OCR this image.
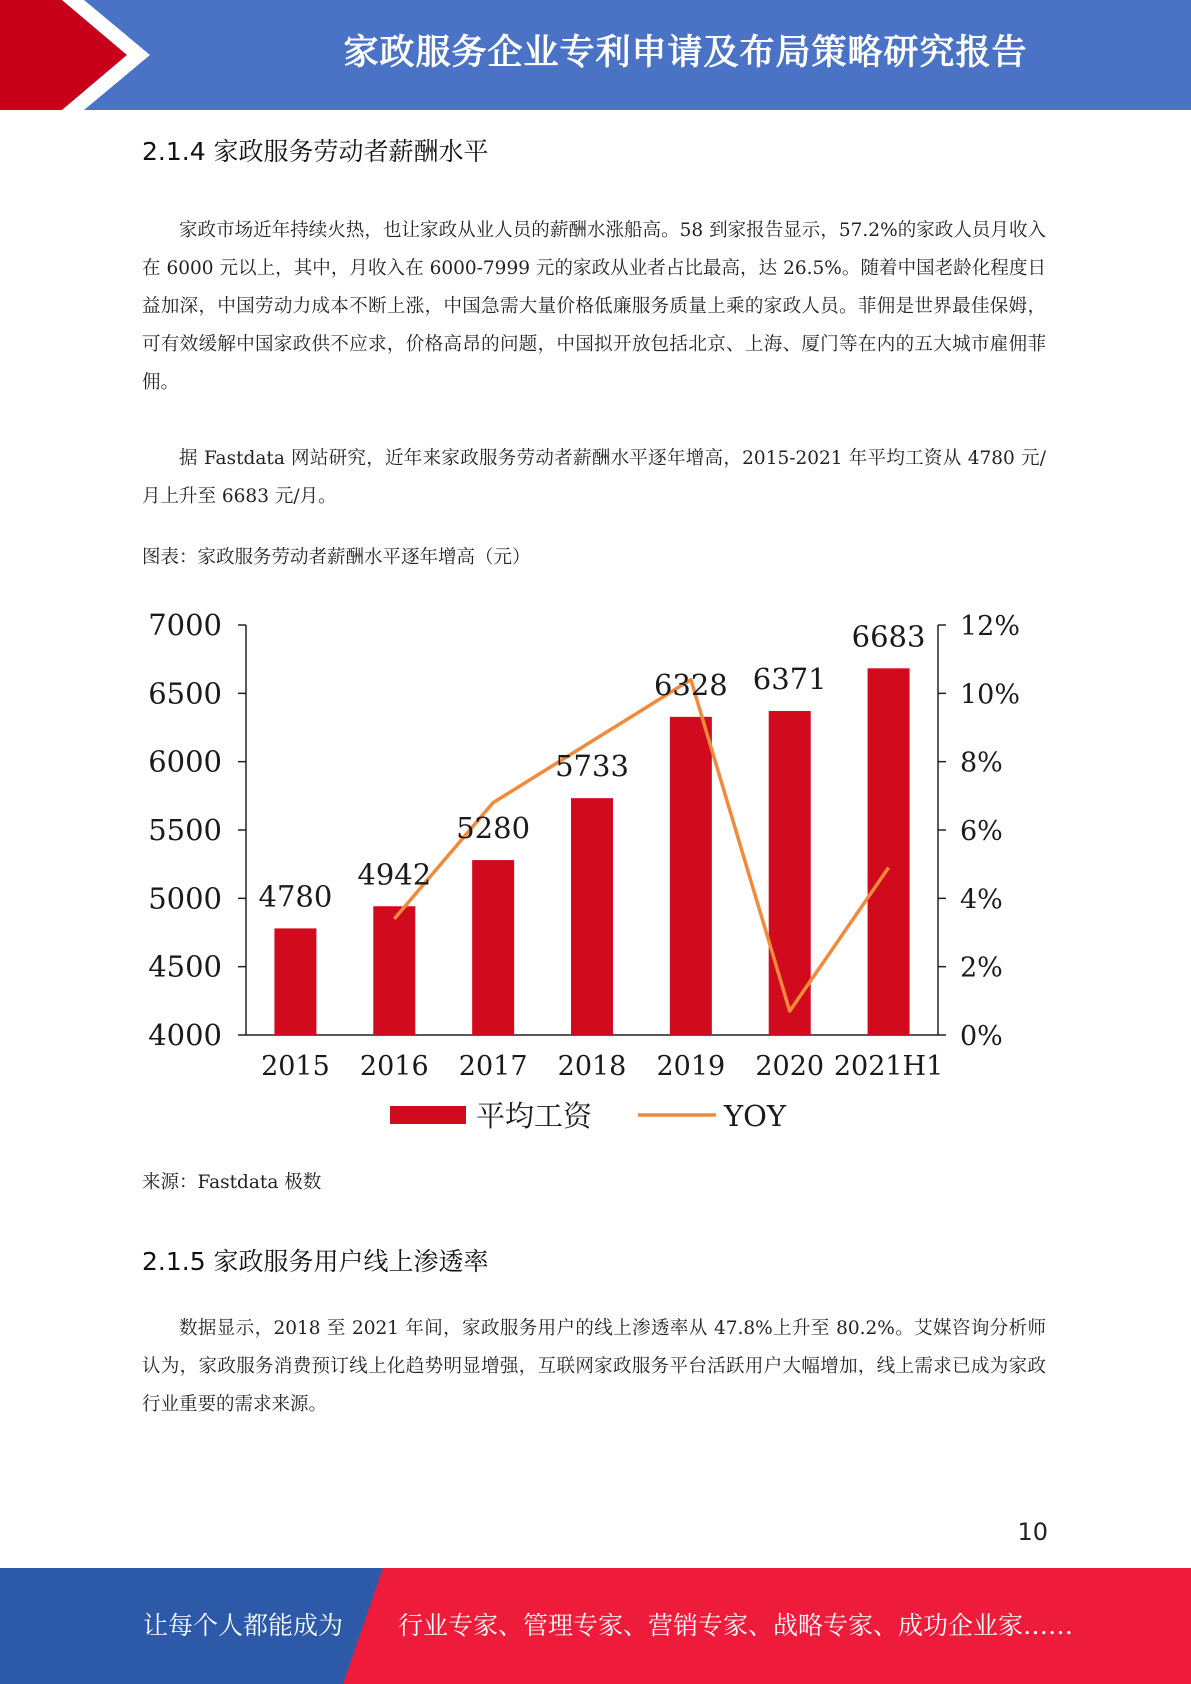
家政服务企业专利申请及布局策略研究报告
2.1.4 家政服务劳动者薪酬水平
家政市场近年持续火热，也让家政从业人员的薪酬水涨船高。58 到家报告显示，57.2%的家政人员月收入在 6000 元以上，其中，月收入在 6000-7999 元的家政从业者占比最高，达 26.5%。随着中国老龄化程度日益加深，中国劳动力成本不断上涨，中国急需大量价格低廉服务质量上乘的家政人员。菲佣是世界最佳保姆，可有效缓解中国家政供不应求，价格高昂的问题，中国拟开放包括北京、上海、厦门等在内的五大城市雇佣菲佣。
据 Fastdata 网站研究，近年来家政服务劳动者薪酬水平逐年增高，2015-2021 年平均工资从 4780 元/月上升至 6683 元/月。
图表：家政服务劳动者薪酬水平逐年增高（元）
4000
4500
5000
5500
6000
6500
7000
0%
2%
4%
6%
8%
10%
12%
4780
4942
5280
5733
6328 6371
6683
2015 2016 2017 2018 2019 2020 2021H1
平均工资	YOY
来源：Fastdata 极数
2.1.5 家政服务用户线上渗透率
数据显示，2018 至 2021 年间，家政服务用户的线上渗透率从 47.8%上升至 80.2%。艾媒咨询分析师认为，家政服务消费预订线上化趋势明显增强，互联网家政服务平台活跃用户大幅增加，线上需求已成为家政行业重要的需求来源。
10
让每个人都能成为 行业专家、管理专家、营销专家、战略专家、成功企业家……
